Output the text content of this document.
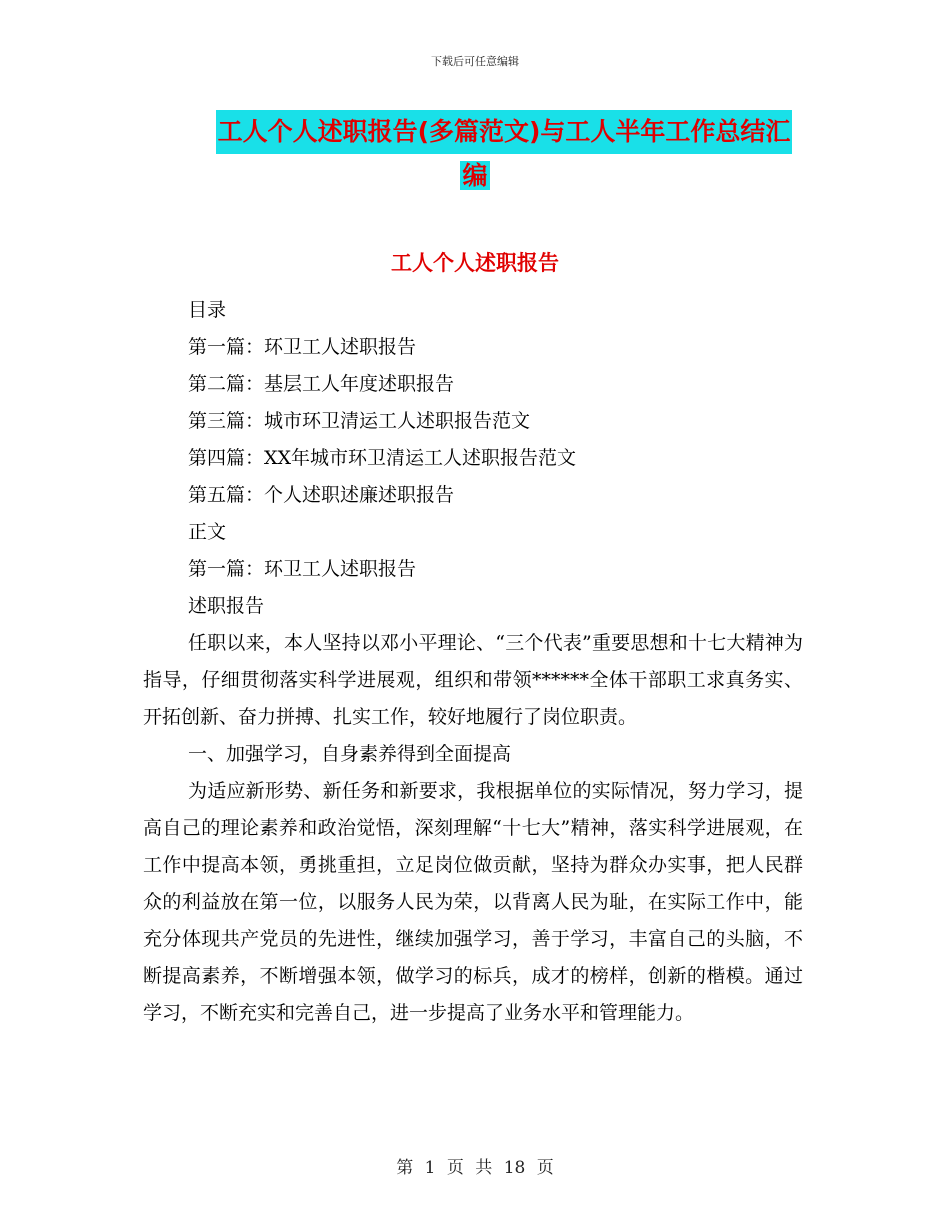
下载后可任意编辑
工人个人述职报告(多篇范文)与工人半年工作总结汇
编
工人个人述职报告
目录
第一篇：环卫工人述职报告
第二篇：基层工人年度述职报告
第三篇：城市环卫清运工人述职报告范文
第四篇：XX年城市环卫清运工人述职报告范文
第五篇：个人述职述廉述职报告
正文
第一篇：环卫工人述职报告
述职报告

任职以来，本人坚持以邓小平理论、“三个代表”重要思想和十七大精神为指导，仔细贯彻落实科学进展观，组织和带领******全体干部职工求真务实、开拓创新、奋力拼搏、扎实工作，较好地履行了岗位职责。

一、加强学习，自身素养得到全面提高

为适应新形势、新任务和新要求，我根据单位的实际情况，努力学习，提高自己的理论素养和政治觉悟，深刻理解“十七大”精神，落实科学进展观，在工作中提高本领，勇挑重担，立足岗位做贡献，坚持为群众办实事，把人民群众的利益放在第一位，以服务人民为荣，以背离人民为耻，在实际工作中，能充分体现共产党员的先进性，继续加强学习，善于学习，丰富自己的头脑，不断提高素养，不断增强本领，做学习的标兵，成才的榜样，创新的楷模。通过学习，不断充实和完善自己，进一步提高了业务水平和管理能力。

第 1 页 共 18 页
